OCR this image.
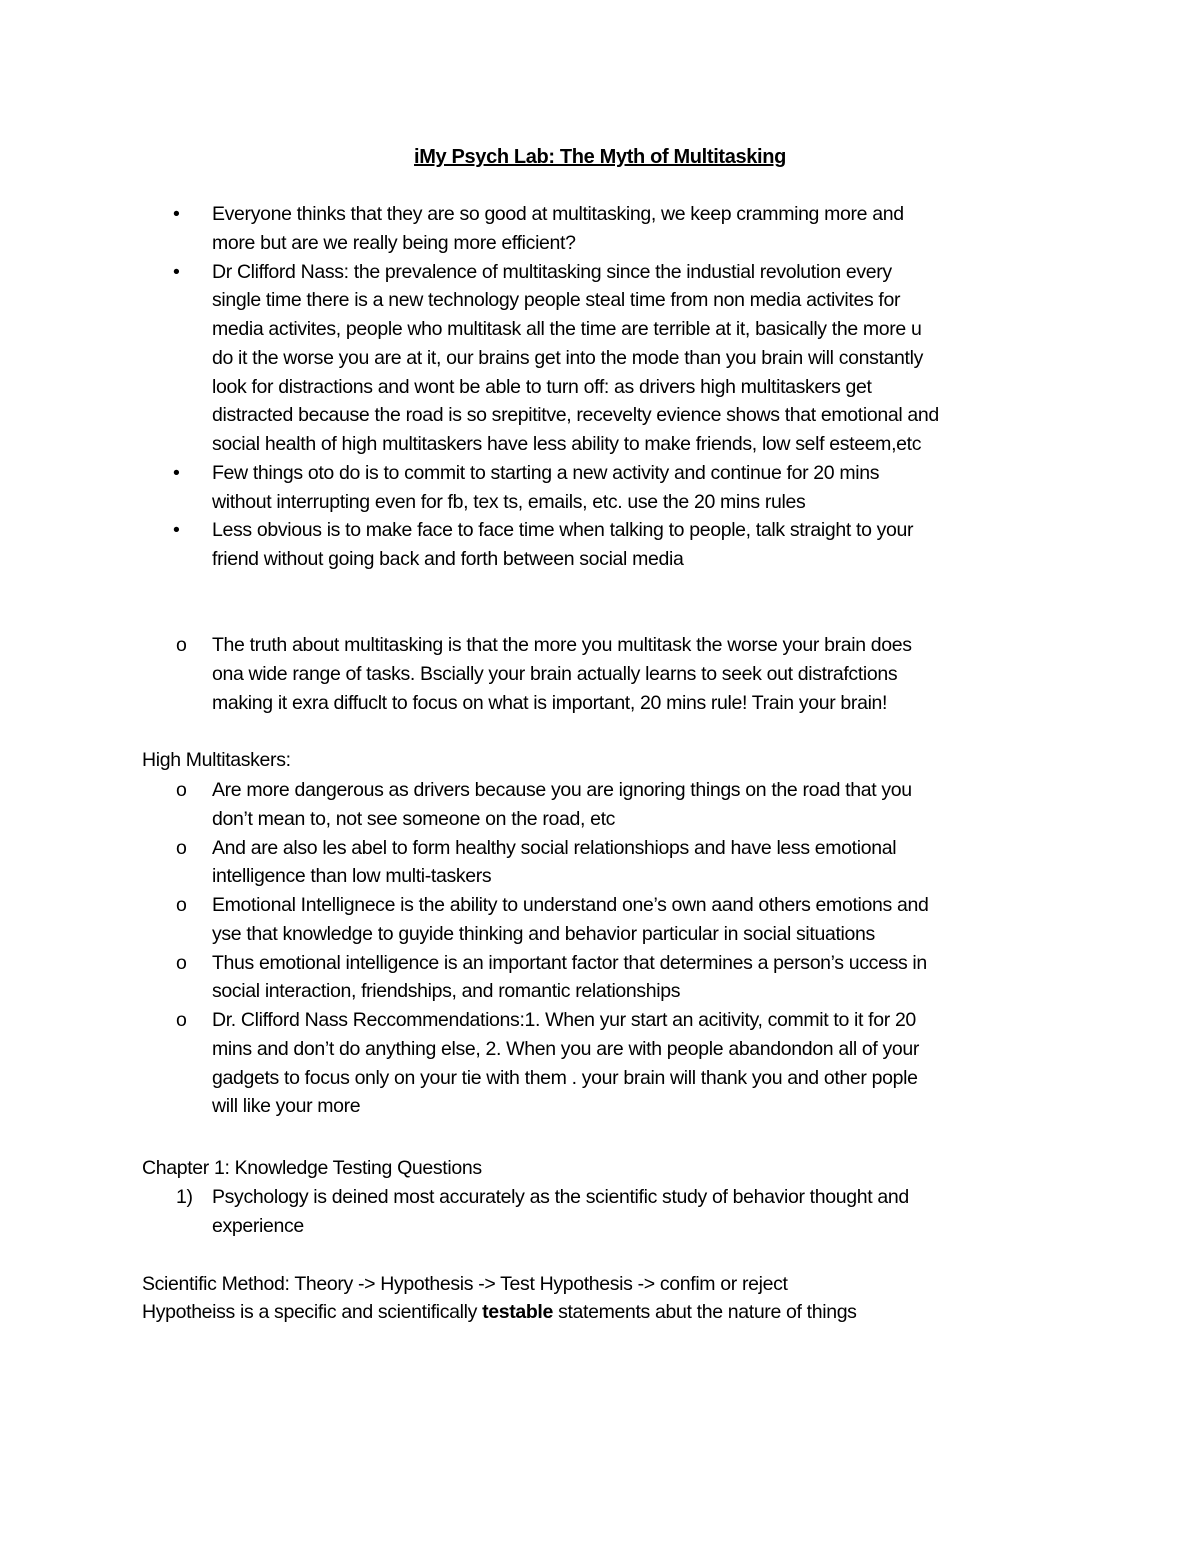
iMy Psych Lab: The Myth of Multitasking
• Everyone thinks that they are so good at multitasking, we keep cramming more and
more but are we really being more efficient?
• Dr Clifford Nass: the prevalence of multitasking since the industial revolution every
single time there is a new technology people steal time from non media activites for
media activites, people who multitask all the time are terrible at it, basically the more u
do it the worse you are at it, our brains get into the mode than you brain will constantly
look for distractions and wont be able to turn off: as drivers high multitaskers get
distracted because the road is so srepititve, recevelty evience shows that emotional and
social health of high multitaskers have less ability to make friends, low self esteem,etc
• Few things oto do is to commit to starting a new activity and continue for 20 mins
without interrupting even for fb, tex ts, emails, etc. use the 20 mins rules
• Less obvious is to make face to face time when talking to people, talk straight to your
friend without going back and forth between social media
o The truth about multitasking is that the more you multitask the worse your brain does
ona wide range of tasks. Bscially your brain actually learns to seek out distrafctions
making it exra diffuclt to focus on what is important, 20 mins rule! Train your brain!
High Multitaskers:
o Are more dangerous as drivers because you are ignoring things on the road that you
don’t mean to, not see someone on the road, etc
o And are also les abel to form healthy social relationshiops and have less emotional
intelligence than low multi-taskers
o Emotional Intellignece is the ability to understand one’s own aand others emotions and
yse that knowledge to guyide thinking and behavior particular in social situations
o Thus emotional intelligence is an important factor that determines a person’s uccess in
social interaction, friendships, and romantic relationships
o Dr. Clifford Nass Reccommendations:1. When yur start an acitivity, commit to it for 20
mins and don’t do anything else, 2. When you are with people abandondon all of your
gadgets to focus only on your tie with them . your brain will thank you and other pople
will like your more
Chapter 1: Knowledge Testing Questions
1) Psychology is deined most accurately as the scientific study of behavior thought and
experience
Scientific Method: Theory -> Hypothesis -> Test Hypothesis -> confim or reject
Hypotheiss is a specific and scientifically testable statements abut the nature of things
